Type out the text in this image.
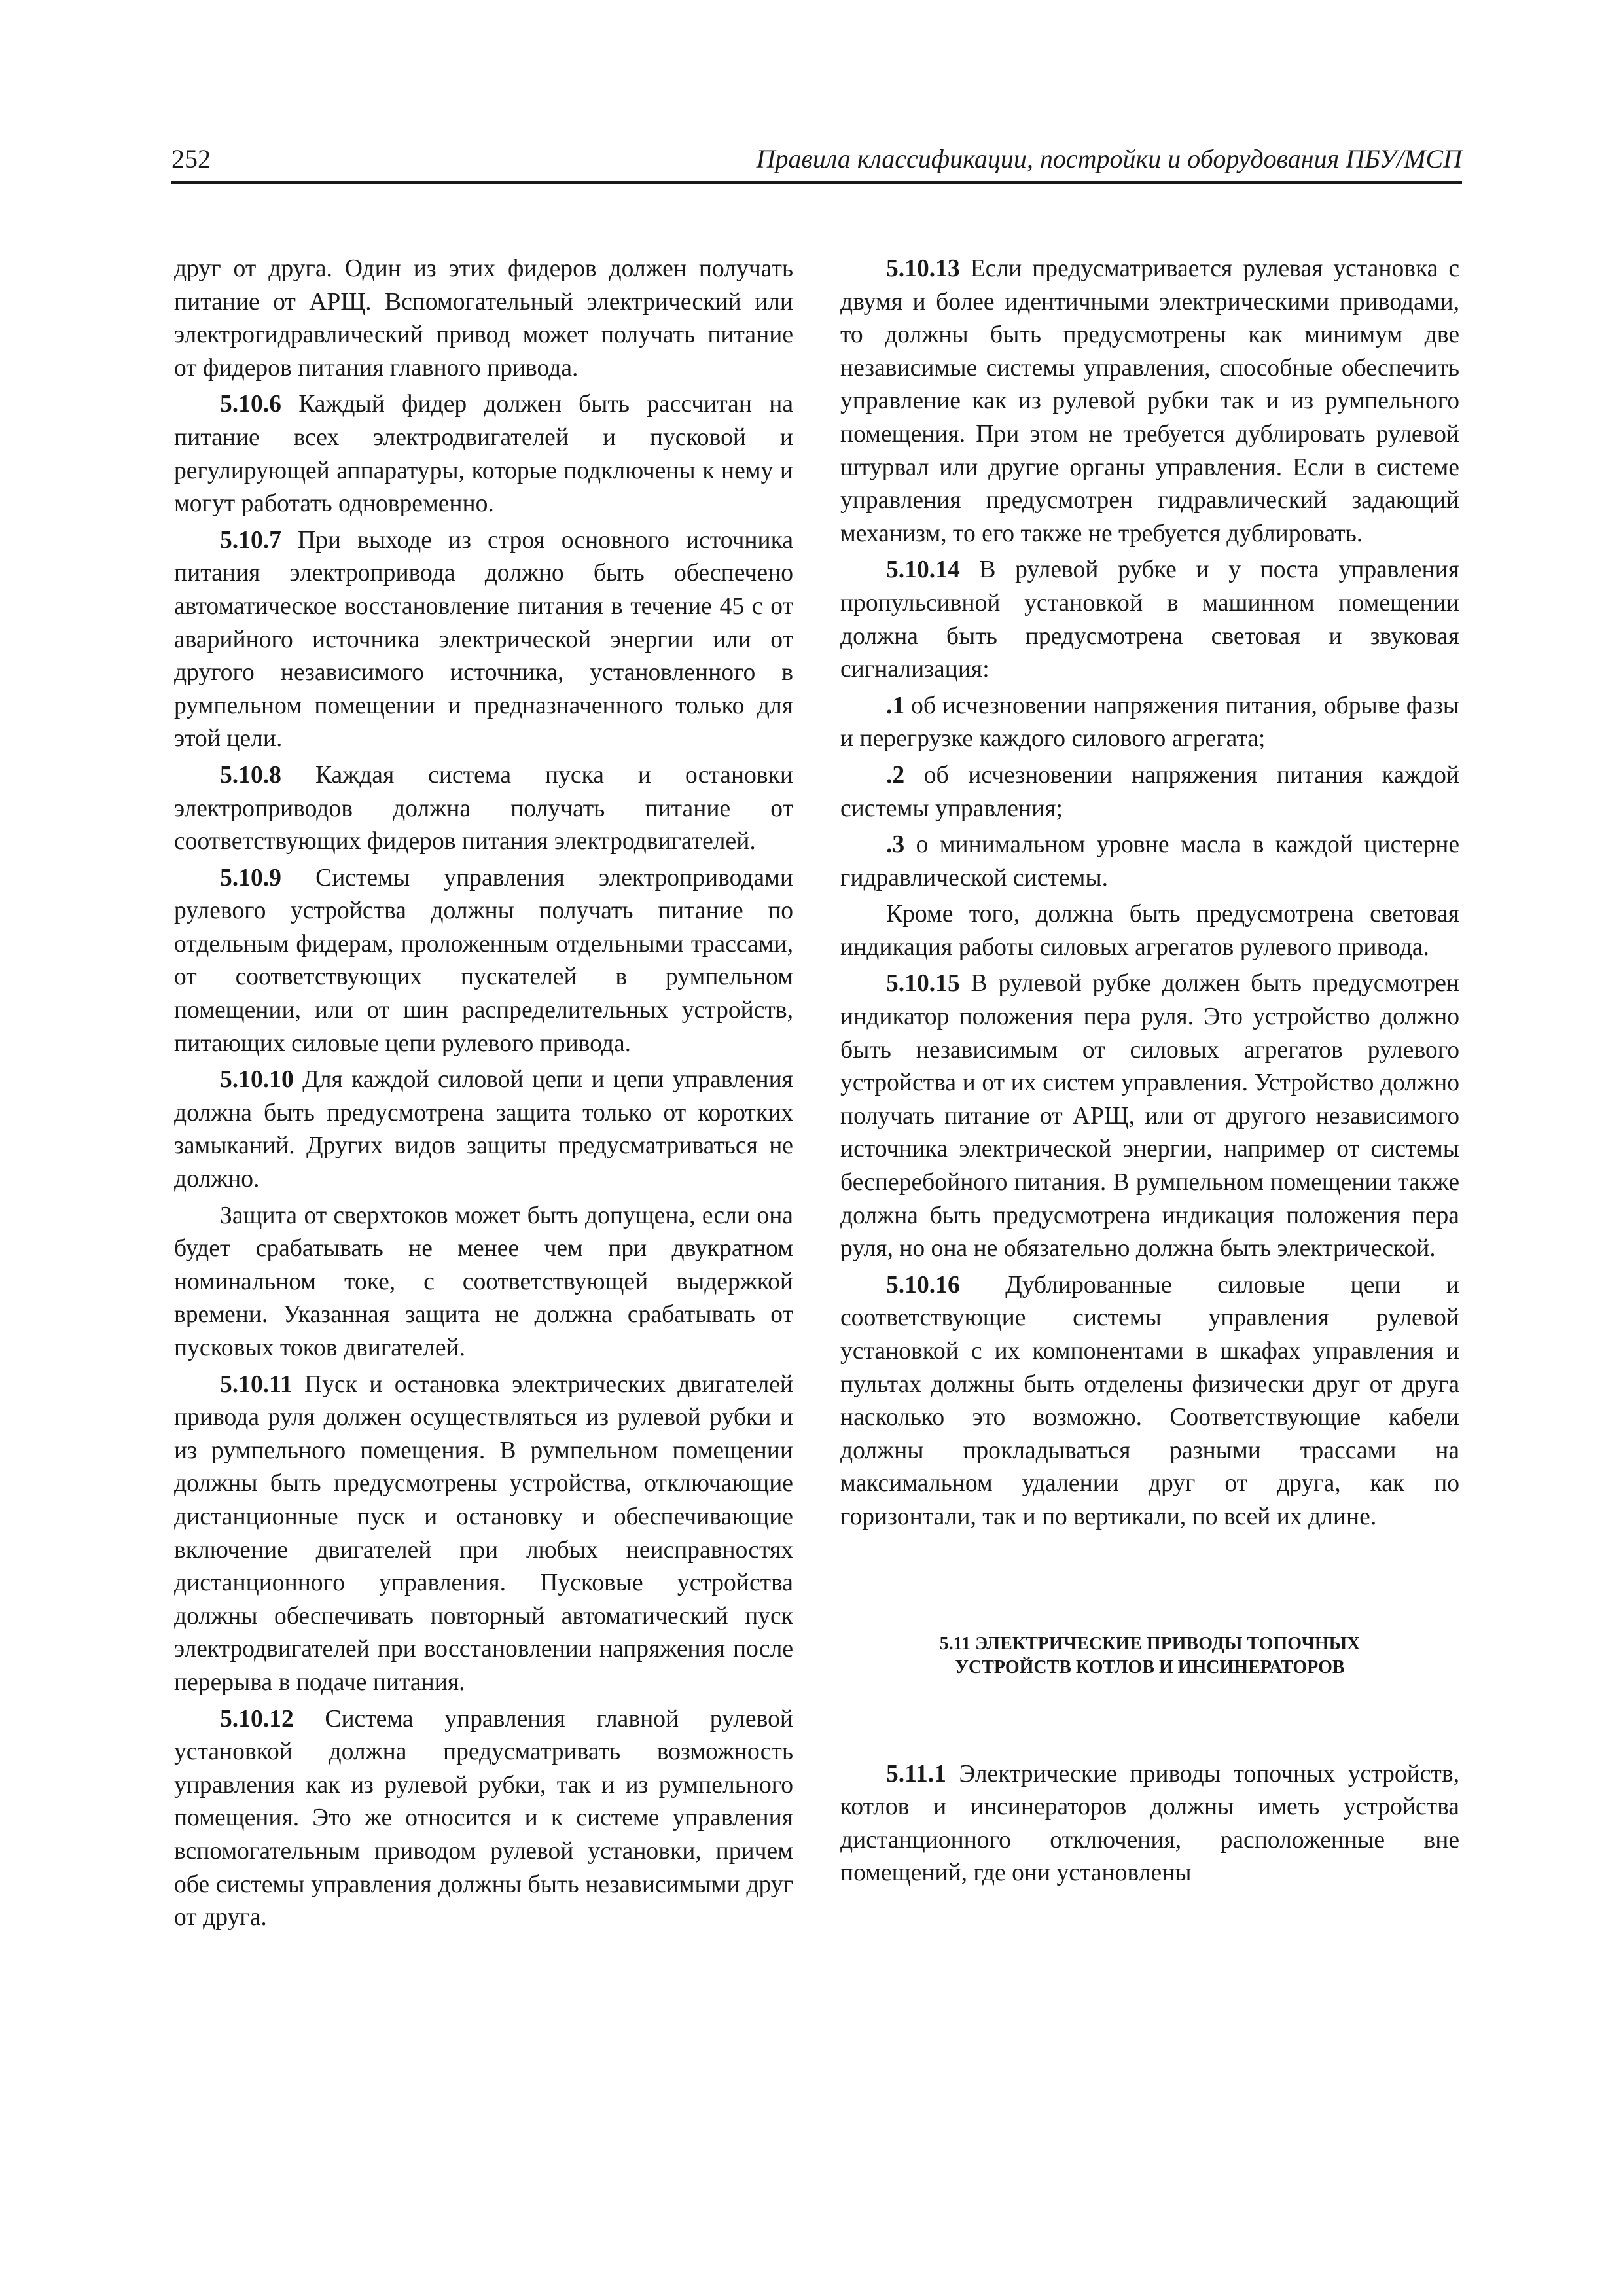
252	Правила классификации, постройки и оборудования ПБУ/МСП

друг от друга. Один из этих фидеров должен получать питание от АРЩ. Вспомогательный электрический или электрогидравлический привод может получать питание от фидеров питания главного привода.

5.10.6 Каждый фидер должен быть рассчитан на питание всех электродвигателей и пусковой и регулирующей аппаратуры, которые подключены к нему и могут работать одновременно.

5.10.7 При выходе из строя основного источника питания электропривода должно быть обеспечено автоматическое восстановление питания в течение 45 с от аварийного источника электрической энергии или от другого независимого источника, установленного в румпельном помещении и предназначенного только для этой цели.

5.10.8 Каждая система пуска и остановки электроприводов должна получать питание от соответствующих фидеров питания электродвигателей.

5.10.9 Системы управления электроприводами рулевого устройства должны получать питание по отдельным фидерам, проложенным отдельными трассами, от соответствующих пускателей в румпельном помещении, или от шин распределительных устройств, питающих силовые цепи рулевого привода.

5.10.10 Для каждой силовой цепи и цепи управления должна быть предусмотрена защита только от коротких замыканий. Других видов защиты предусматриваться не должно.

Защита от сверхтоков может быть допущена, если она будет срабатывать не менее чем при двукратном номинальном токе, с соответствующей выдержкой времени. Указанная защита не должна срабатывать от пусковых токов двигателей.

5.10.11 Пуск и остановка электрических двигателей привода руля должен осуществляться из рулевой рубки и из румпельного помещения. В румпельном помещении должны быть предусмотрены устройства, отключающие дистанционные пуск и остановку и обеспечивающие включение двигателей при любых неисправностях дистанционного управления. Пусковые устройства должны обеспечивать повторный автоматический пуск электродвигателей при восстановлении напряжения после перерыва в подаче питания.

5.10.12 Система управления главной рулевой установкой должна предусматривать возможность управления как из рулевой рубки, так и из румпельного помещения. Это же относится и к системе управления вспомогательным приводом рулевой установки, причем обе системы управления должны быть независимыми друг от друга.

5.10.13 Если предусматривается рулевая установка с двумя и более идентичными электрическими приводами, то должны быть предусмотрены как минимум две независимые системы управления, способные обеспечить управление как из рулевой рубки так и из румпельного помещения. При этом не требуется дублировать рулевой штурвал или другие органы управления. Если в системе управления предусмотрен гидравлический задающий механизм, то его также не требуется дублировать.

5.10.14 В рулевой рубке и у поста управления пропульсивной установкой в машинном помещении должна быть предусмотрена световая и звуковая сигнализация:

.1 об исчезновении напряжения питания, обрыве фазы и перегрузке каждого силового агрегата;

.2 об исчезновении напряжения питания каждой системы управления;

.3 о минимальном уровне масла в каждой цистерне гидравлической системы.

Кроме того, должна быть предусмотрена световая индикация работы силовых агрегатов рулевого привода.

5.10.15 В рулевой рубке должен быть предусмотрен индикатор положения пера руля. Это устройство должно быть независимым от силовых агрегатов рулевого устройства и от их систем управления. Устройство должно получать питание от АРЩ, или от другого независимого источника электрической энергии, например от системы бесперебойного питания. В румпельном помещении также должна быть предусмотрена индикация положения пера руля, но она не обязательно должна быть электрической.

5.10.16 Дублированные силовые цепи и соответствующие системы управления рулевой установкой с их компонентами в шкафах управления и пультах должны быть отделены физически друг от друга насколько это возможно. Соответствующие кабели должны прокладываться разными трассами на максимальном удалении друг от друга, как по горизонтали, так и по вертикали, по всей их длине.

5.11 ЭЛЕКТРИЧЕСКИЕ ПРИВОДЫ ТОПОЧНЫХ
УСТРОЙСТВ КОТЛОВ И ИНСИНЕРАТОРОВ

5.11.1 Электрические приводы топочных устройств, котлов и инсинераторов должны иметь устройства дистанционного отключения, расположенные вне помещений, где они установлены
